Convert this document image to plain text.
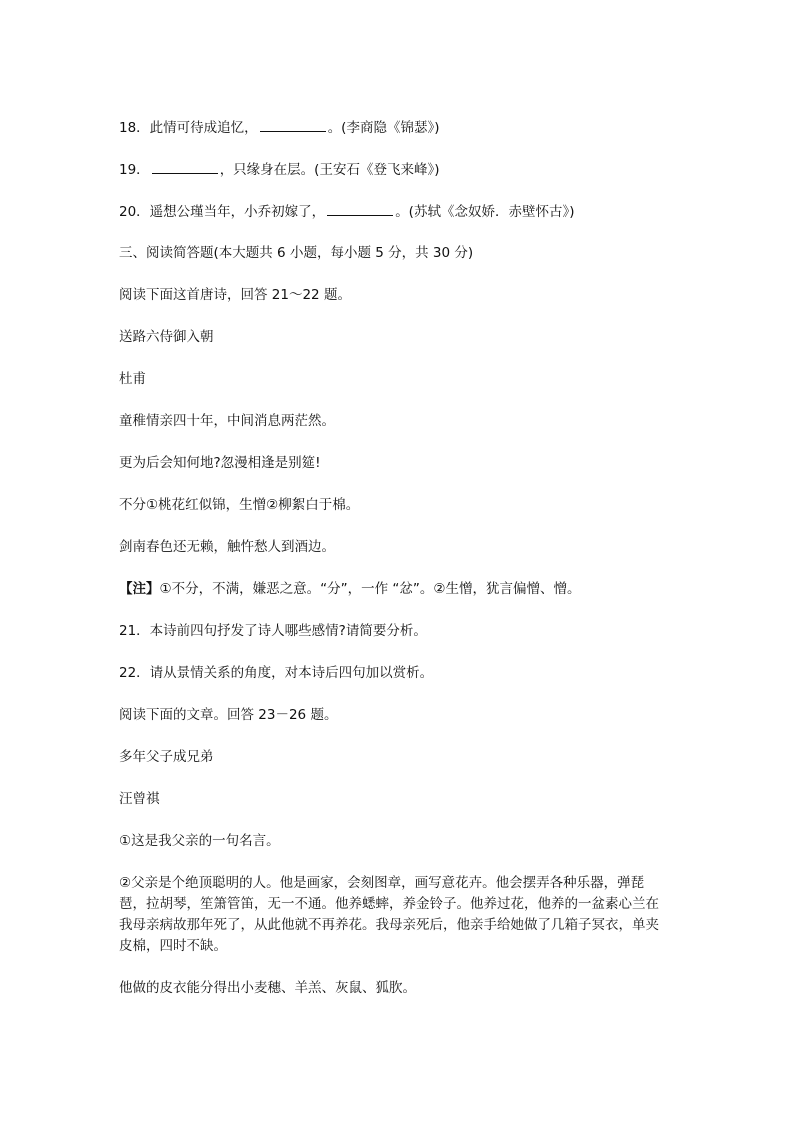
18．此情可待成追忆，	。(李商隐《锦瑟》)
19．	，只缘身在层。(王安石《登飞来峰》)
20．遥想公瑾当年，小乔初嫁了，	。(苏轼《念奴娇．赤壁怀古》)
三、阅读简答题(本大题共 6 小题，每小题 5 分，共 30 分)
阅读下面这首唐诗，回答 21～22 题。
送路六侍御入朝
杜甫
童稚情亲四十年，中间消息两茫然。
更为后会知何地?忽漫相逢是别筵!
不分①桃花红似锦，生憎②柳絮白于棉。
剑南春色还无赖，触忤愁人到酒边。
【注】①不分，不满，嫌恶之意。“分”，一作 “忿”。②生憎，犹言偏憎、憎。
21．本诗前四句抒发了诗人哪些感情?请简要分析。
22．请从景情关系的角度，对本诗后四句加以赏析。
阅读下面的文章。回答 23－26 题。
多年父子成兄弟
汪曾祺
①这是我父亲的一句名言。
②父亲是个绝顶聪明的人。他是画家，会刻图章，画写意花卉。他会摆弄各种乐器，弹琵琶，拉胡琴，笙箫管笛，无一不通。他养蟋蟀，养金铃子。他养过花，他养的一盆素心兰在我母亲病故那年死了，从此他就不再养花。我母亲死后，他亲手给她做了几箱子冥衣，单夹皮棉，四时不缺。
他做的皮衣能分得出小麦穗、羊羔、灰鼠、狐肷。
